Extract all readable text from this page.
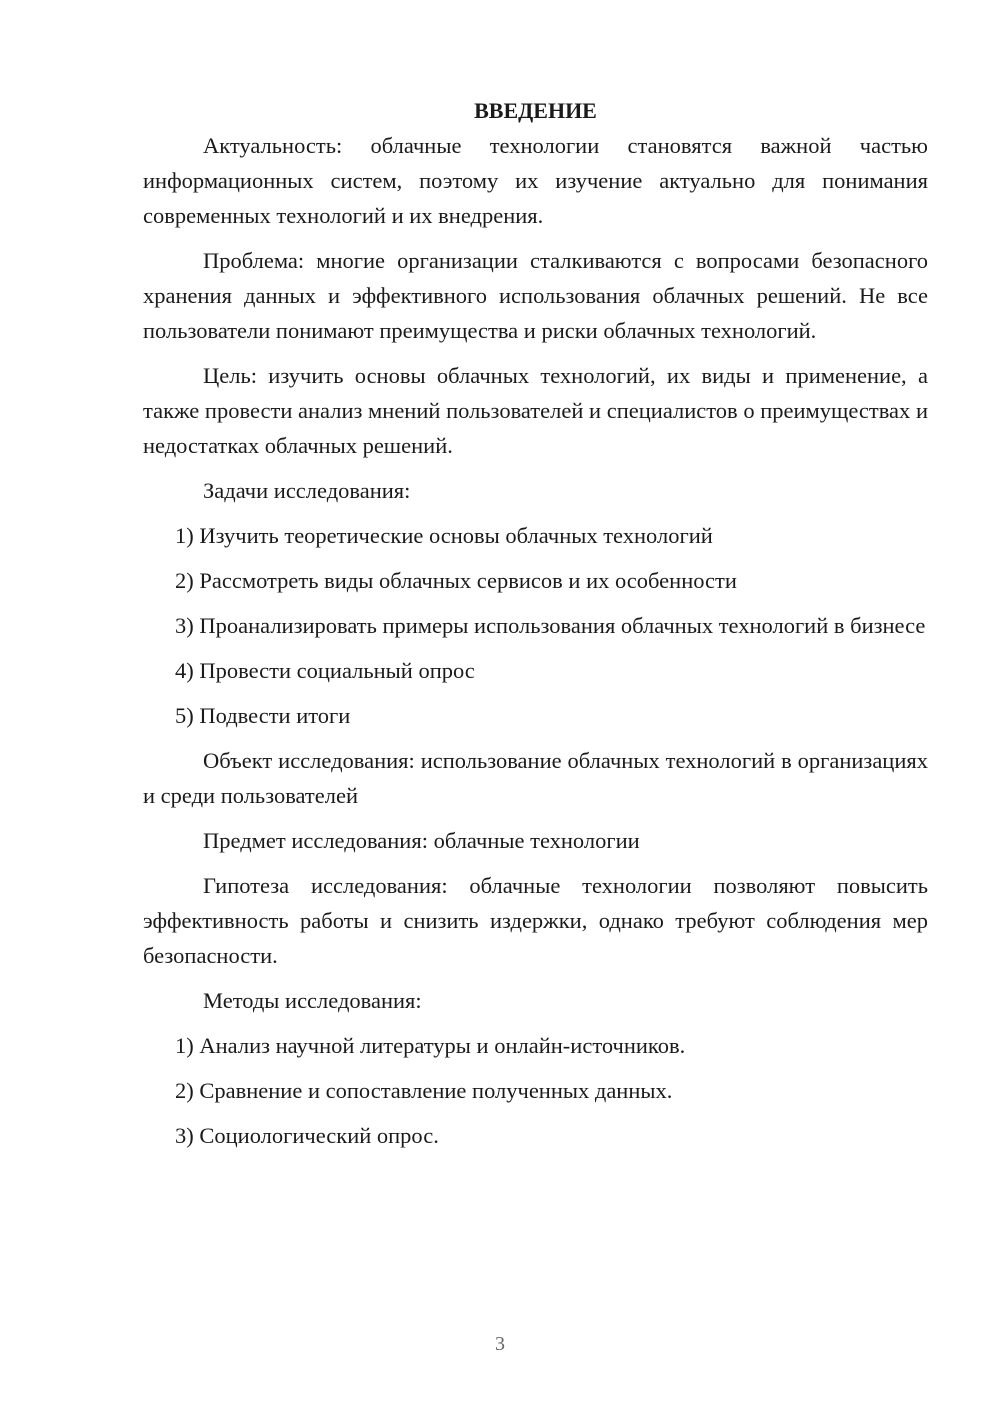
ВВЕДЕНИЕ

Актуальность: облачные технологии становятся важной частью информационных систем, поэтому их изучение актуально для понимания современных технологий и их внедрения.

Проблема: многие организации сталкиваются с вопросами безопасного хранения данных и эффективного использования облачных решений. Не все пользователи понимают преимущества и риски облачных технологий.

Цель: изучить основы облачных технологий, их виды и применение, а также провести анализ мнений пользователей и специалистов о преимуществах и недостатках облачных решений.

Задачи исследования:

1) Изучить теоретические основы облачных технологий

2) Рассмотреть виды облачных сервисов и их особенности

3) Проанализировать примеры использования облачных технологий в бизнесе

4) Провести социальный опрос

5) Подвести итоги

Объект исследования: использование облачных технологий в организациях и среди пользователей

Предмет исследования: облачные технологии

Гипотеза исследования: облачные технологии позволяют повысить эффективность работы и снизить издержки, однако требуют соблюдения мер безопасности.

Методы исследования:

1) Анализ научной литературы и онлайн-источников.

2) Сравнение и сопоставление полученных данных.

3) Социологический опрос.

3
